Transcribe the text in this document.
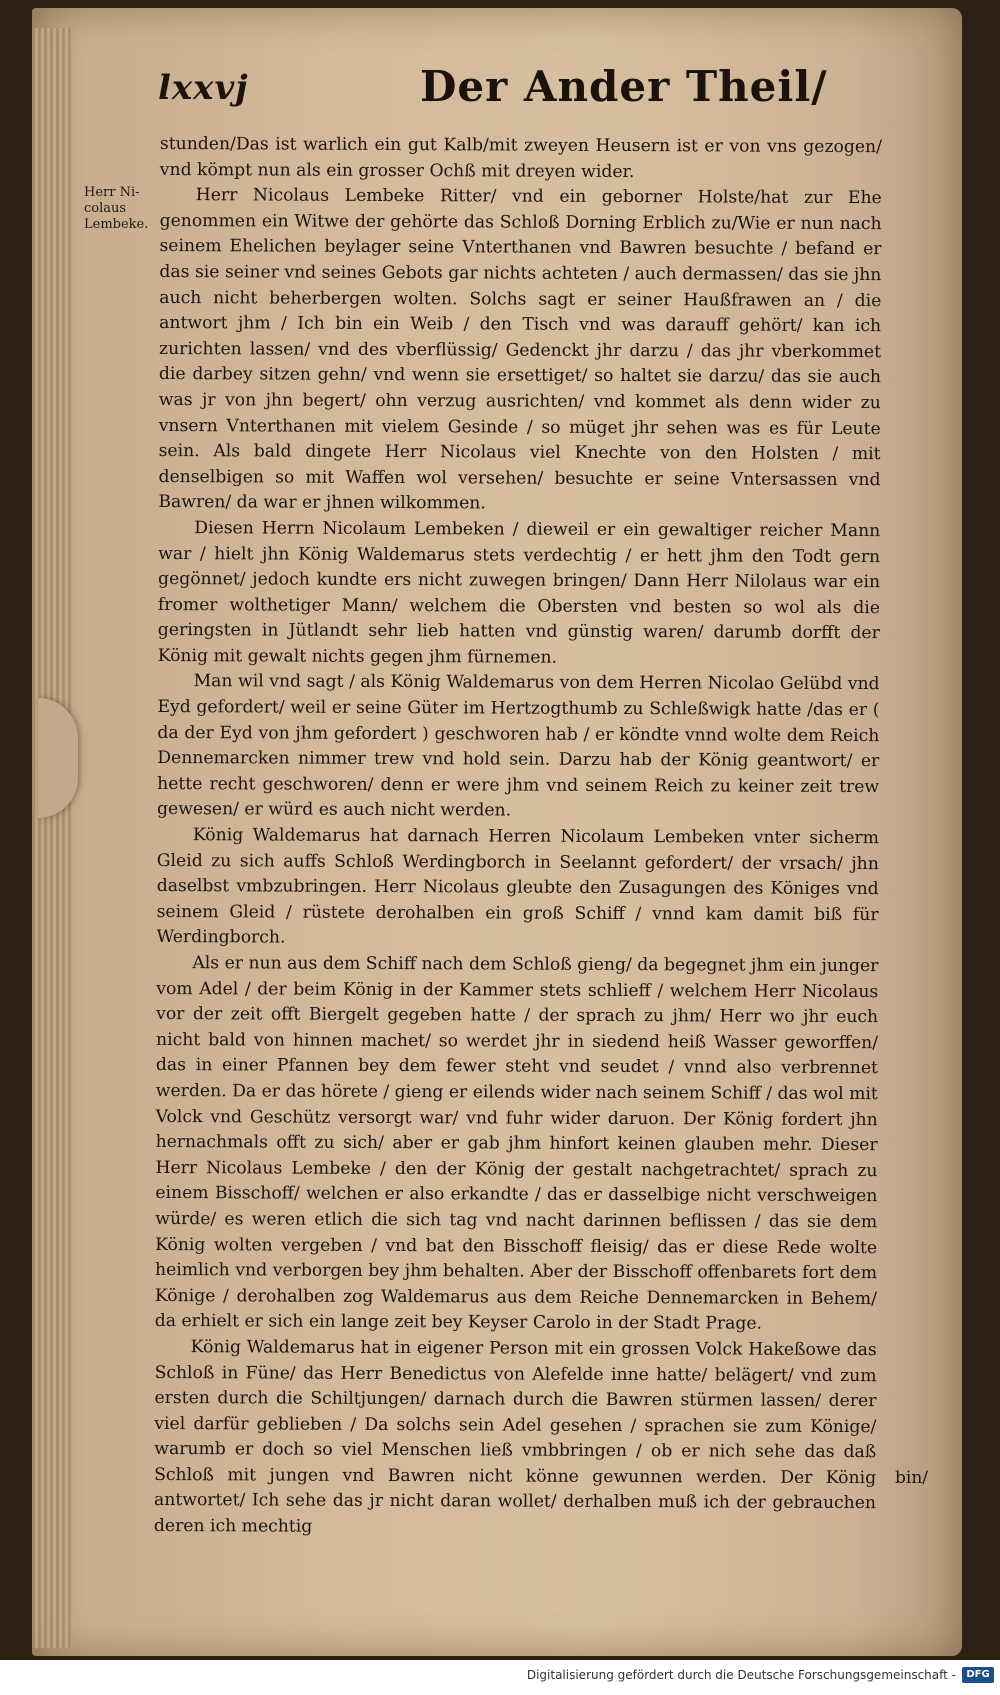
lxxvj	Der Ander Theil/
Herr Ni- colaus Lembeke.

stunden/Das ist warlich ein gut Kalb/mit zweyen Heusern ist er von vns gezogen/ vnd kömpt nun als ein grosser Ochß mit dreyen wider.

Herr Nicolaus Lembeke Ritter/ vnd ein geborner Holste/hat zur Ehe genommen ein Witwe der gehörte das Schloß Dorning Erblich zu/Wie er nun nach seinem Ehelichen beylager seine Vnterthanen vnd Bawren besuchte / befand er das sie seiner vnd seines Gebots gar nichts achteten / auch dermassen/ das sie jhn auch nicht beherbergen wolten. Solchs sagt er seiner Haußfrawen an / die antwort jhm / Ich bin ein Weib / den Tisch vnd was darauff gehört/ kan ich zurichten lassen/ vnd des vberflüssig/ Gedenckt jhr darzu / das jhr vberkommet die darbey sitzen gehn/ vnd wenn sie ersettiget/ so haltet sie darzu/ das sie auch was jr von jhn begert/ ohn verzug ausrichten/ vnd kommet als denn wider zu vnsern Vnterthanen mit vielem Gesinde / so müget jhr sehen was es für Leute sein. Als bald dingete Herr Nicolaus viel Knechte von den Holsten / mit denselbigen so mit Waffen wol versehen/ besuchte er seine Vntersassen vnd Bawren/ da war er jhnen wilkommen.

Diesen Herrn Nicolaum Lembeken / dieweil er ein gewaltiger reicher Mann war / hielt jhn König Waldemarus stets verdechtig / er hett jhm den Todt gern gegönnet/ jedoch kundte ers nicht zuwegen bringen/ Dann Herr Nilolaus war ein fromer wolthetiger Mann/ welchem die Obersten vnd besten so wol als die geringsten in Jütlandt sehr lieb hatten vnd günstig waren/ darumb dorfft der König mit gewalt nichts gegen jhm fürnemen.

Man wil vnd sagt / als König Waldemarus von dem Herren Nicolao Gelübd vnd Eyd gefordert/ weil er seine Güter im Hertzogthumb zu Schleßwigk hatte /das er ( da der Eyd von jhm gefordert ) geschworen hab / er köndte vnnd wolte dem Reich Dennemarcken nimmer trew vnd hold sein. Darzu hab der König geantwort/ er hette recht geschworen/ denn er were jhm vnd seinem Reich zu keiner zeit trew gewesen/ er würd es auch nicht werden.

König Waldemarus hat darnach Herren Nicolaum Lembeken vnter sicherm Gleid zu sich auffs Schloß Werdingborch in Seelannt gefordert/ der vrsach/ jhn daselbst vmbzubringen. Herr Nicolaus gleubte den Zusagungen des Königes vnd seinem Gleid / rüstete derohalben ein groß Schiff / vnnd kam damit biß für Werdingborch.

Als er nun aus dem Schiff nach dem Schloß gieng/ da begegnet jhm ein junger vom Adel / der beim König in der Kammer stets schlieff / welchem Herr Nicolaus vor der zeit offt Biergelt gegeben hatte / der sprach zu jhm/ Herr wo jhr euch nicht bald von hinnen machet/ so werdet jhr in siedend heiß Wasser geworffen/ das in einer Pfannen bey dem fewer steht vnd seudet / vnnd also verbrennet werden. Da er das hörete / gieng er eilends wider nach seinem Schiff / das wol mit Volck vnd Geschütz versorgt war/ vnd fuhr wider daruon. Der König fordert jhn hernachmals offt zu sich/ aber er gab jhm hinfort keinen glauben mehr. Dieser Herr Nicolaus Lembeke / den der König der gestalt nachgetrachtet/ sprach zu einem Bisschoff/ welchen er also erkandte / das er dasselbige nicht verschweigen würde/ es weren etlich die sich tag vnd nacht darinnen beflissen / das sie dem König wolten vergeben / vnd bat den Bisschoff fleisig/ das er diese Rede wolte heimlich vnd verborgen bey jhm behalten. Aber der Bisschoff offenbarets fort dem Könige / derohalben zog Waldemarus aus dem Reiche Dennemarcken in Behem/ da erhielt er sich ein lange zeit bey Keyser Carolo in der Stadt Prage.

König Waldemarus hat in eigener Person mit ein grossen Volck Hakeßowe das Schloß in Füne/ das Herr Benedictus von Alefelde inne hatte/ belägert/ vnd zum ersten durch die Schiltjungen/ darnach durch die Bawren stürmen lassen/ derer viel darfür geblieben / Da solchs sein Adel gesehen / sprachen sie zum Könige/ warumb er doch so viel Menschen ließ vmbbringen / ob er nich sehe das daß Schloß mit jungen vnd Bawren nicht könne gewunnen werden. Der König antwortet/ Ich sehe das jr nicht daran wollet/ derhalben muß ich der gebrauchen deren ich mechtig

bin/
Digitalisierung gefördert durch die Deutsche Forschungsgemeinschaft -	DFG
